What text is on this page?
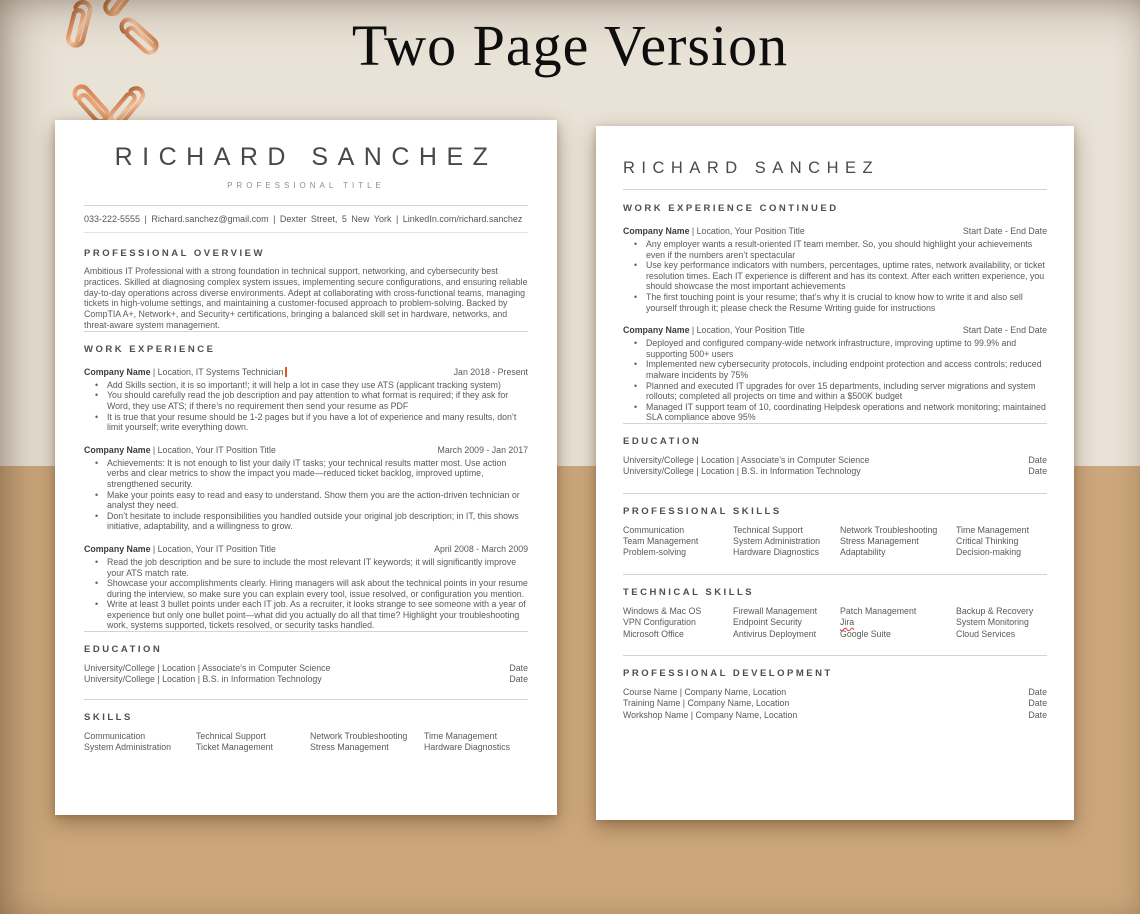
Two Page Version
RICHARD SANCHEZ
PROFESSIONAL TITLE
033-222-5555 | Richard.sanchez@gmail.com | Dexter Street, 5 New York | LinkedIn.com/richard.sanchez
PROFESSIONAL OVERVIEW
Ambitious IT Professional with a strong foundation in technical support, networking, and cybersecurity best practices. Skilled at diagnosing complex system issues, implementing secure configurations, and ensuring reliable day-to-day operations across diverse environments. Adept at collaborating with cross-functional teams, managing tickets in high-volume settings, and maintaining a customer-focused approach to problem-solving. Backed by CompTIA A+, Network+, and Security+ certifications, bringing a balanced skill set in hardware, networks, and threat-aware system management.
WORK EXPERIENCE
Company Name | Location, IT Systems Technician	Jan 2018 - Present
• Add Skills section, it is so important!; it will help a lot in case they use ATS (applicant tracking system)
• You should carefully read the job description and pay attention to what format is required; if they ask for Word, they use ATS; if there’s no requirement then send your resume as PDF
• It is true that your resume should be 1-2 pages but if you have a lot of experience and many results, don’t limit yourself; write everything down.
Company Name | Location, Your IT Position Title	March 2009 - Jan 2017
• Achievements: It is not enough to list your daily IT tasks; your technical results matter most. Use action verbs and clear metrics to show the impact you made—reduced ticket backlog, improved uptime, strengthened security.
• Make your points easy to read and easy to understand. Show them you are the action-driven technician or analyst they need.
• Don’t hesitate to include responsibilities you handled outside your original job description; in IT, this shows initiative, adaptability, and a willingness to grow.
Company Name | Location, Your IT Position Title	April 2008 - March 2009
• Read the job description and be sure to include the most relevant IT keywords; it will significantly improve your ATS match rate.
• Showcase your accomplishments clearly. Hiring managers will ask about the technical points in your resume during the interview, so make sure you can explain every tool, issue resolved, or configuration you mention.
• Write at least 3 bullet points under each IT job. As a recruiter, it looks strange to see someone with a year of experience but only one bullet point—what did you actually do all that time? Highlight your troubleshooting work, systems supported, tickets resolved, or security tasks handled.
EDUCATION
University/College | Location | Associate’s in Computer Science	Date
University/College | Location | B.S. in Information Technology	Date
SKILLS
Communication	Technical Support	Network Troubleshooting	Time Management
System Administration	Ticket Management	Stress Management	Hardware Diagnostics
RICHARD SANCHEZ
WORK EXPERIENCE CONTINUED
Company Name | Location, Your Position Title	Start Date - End Date
• Any employer wants a result-oriented IT team member. So, you should highlight your achievements even if the numbers aren’t spectacular
• Use key performance indicators with numbers, percentages, uptime rates, network availability, or ticket resolution times. Each IT experience is different and has its context. After each written experience, you should showcase the most important achievements
• The first touching point is your resume; that’s why it is crucial to know how to write it and also sell yourself through it; please check the Resume Writing guide for instructions
Company Name | Location, Your Position Title	Start Date - End Date
• Deployed and configured company-wide network infrastructure, improving uptime to 99.9% and supporting 500+ users
• Implemented new cybersecurity protocols, including endpoint protection and access controls; reduced malware incidents by 75%
• Planned and executed IT upgrades for over 15 departments, including server migrations and system rollouts; completed all projects on time and within a $500K budget
• Managed IT support team of 10, coordinating Helpdesk operations and network monitoring; maintained SLA compliance above 95%
EDUCATION
University/College | Location | Associate’s in Computer Science	Date
University/College | Location | B.S. in Information Technology	Date
PROFESSIONAL SKILLS
Communication	Technical Support	Network Troubleshooting	Time Management
Team Management	System Administration	Stress Management	Critical Thinking
Problem-solving	Hardware Diagnostics	Adaptability	Decision-making
TECHNICAL SKILLS
Windows & Mac OS	Firewall Management	Patch Management	Backup & Recovery
VPN Configuration	Endpoint Security	Jira	System Monitoring
Microsoft Office	Antivirus Deployment	Google Suite	Cloud Services
PROFESSIONAL DEVELOPMENT
Course Name | Company Name, Location	Date
Training Name | Company Name, Location	Date
Workshop Name | Company Name, Location	Date
